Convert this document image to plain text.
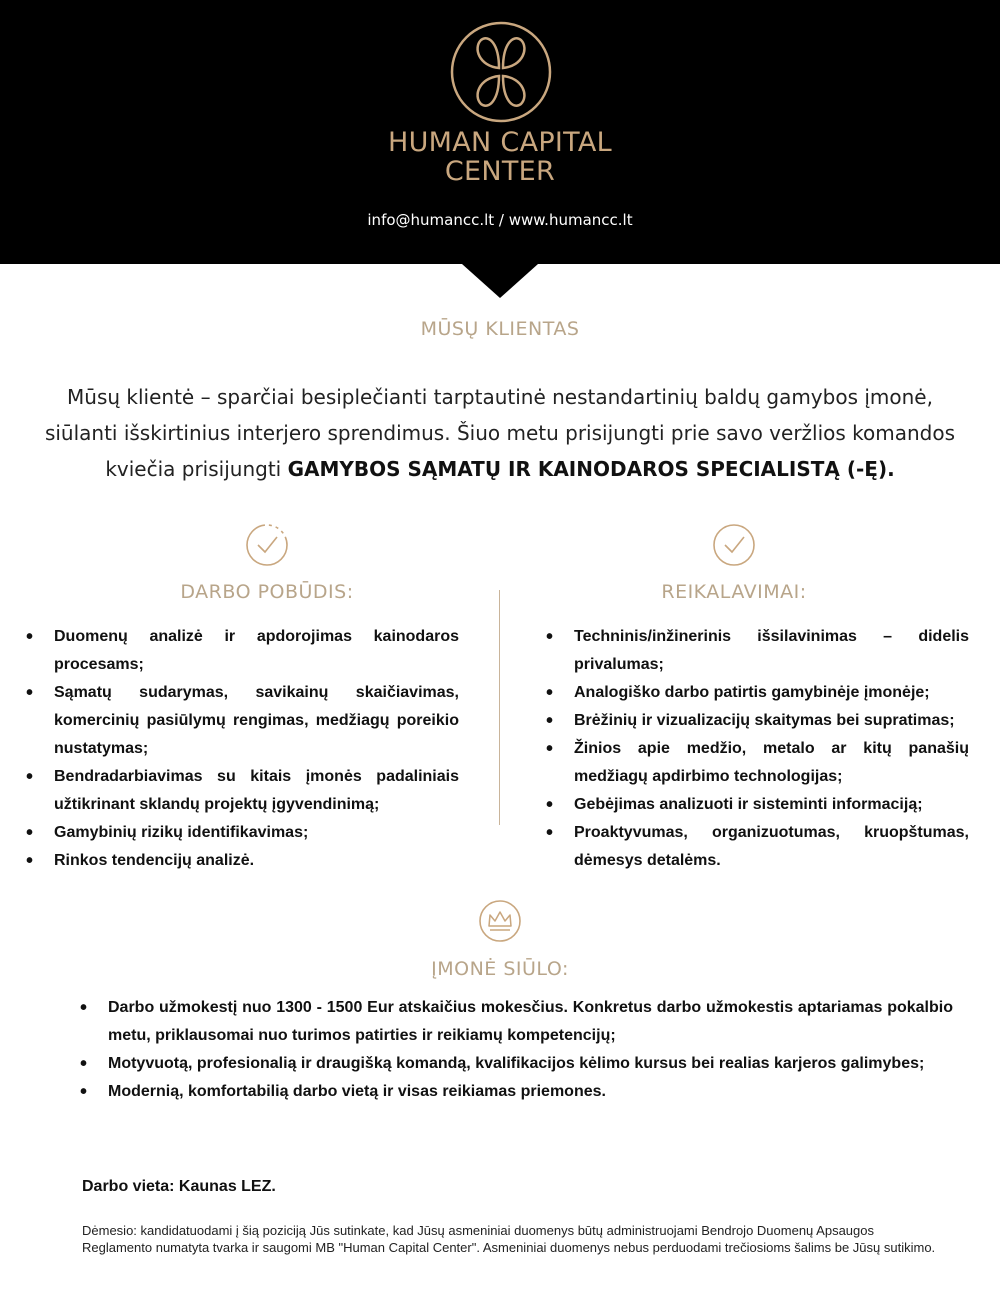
HUMAN CAPITAL
CENTER
info@humancc.lt / www.humancc.lt
MŪSŲ KLIENTAS
Mūsų klientė – sparčiai besiplečianti tarptautinė nestandartinių baldų gamybos įmonė,
siūlanti išskirtinius interjero sprendimus. Šiuo metu prisijungti prie savo veržlios komandos
kviečia prisijungti GAMYBOS SĄMATŲ IR KAINODAROS SPECIALISTĄ (-Ę).
DARBO POBŪDIS:	REIKALAVIMAI:
• Duomenų analizė ir apdorojimas kainodaros procesams;
• Sąmatų sudarymas, savikainų skaičiavimas, komercinių pasiūlymų rengimas, medžiagų poreikio nustatymas;
• Bendradarbiavimas su kitais įmonės padaliniais užtikrinant sklandų projektų įgyvendinimą;
• Gamybinių rizikų identifikavimas;
• Rinkos tendencijų analizė.
• Techninis/inžinerinis išsilavinimas – didelis privalumas;
• Analogiško darbo patirtis gamybinėje įmonėje;
• Brėžinių ir vizualizacijų skaitymas bei supratimas;
• Žinios apie medžio, metalo ar kitų panašių medžiagų apdirbimo technologijas;
• Gebėjimas analizuoti ir sisteminti informaciją;
• Proaktyvumas, organizuotumas, kruopštumas, dėmesys detalėms.
ĮMONĖ SIŪLO:
• Darbo užmokestį nuo 1300 - 1500 Eur atskaičius mokesčius. Konkretus darbo užmokestis aptariamas pokalbio metu, priklausomai nuo turimos patirties ir reikiamų kompetencijų;
• Motyvuotą, profesionalią ir draugišką komandą, kvalifikacijos kėlimo kursus bei realias karjeros galimybes;
• Modernią, komfortabilią darbo vietą ir visas reikiamas priemones.
Darbo vieta: Kaunas LEZ.
Dėmesio: kandidatuodami į šią poziciją Jūs sutinkate, kad Jūsų asmeniniai duomenys būtų administruojami Bendrojo Duomenų Apsaugos Reglamento numatyta tvarka ir saugomi MB "Human Capital Center". Asmeniniai duomenys nebus perduodami trečiosioms šalims be Jūsų sutikimo.
